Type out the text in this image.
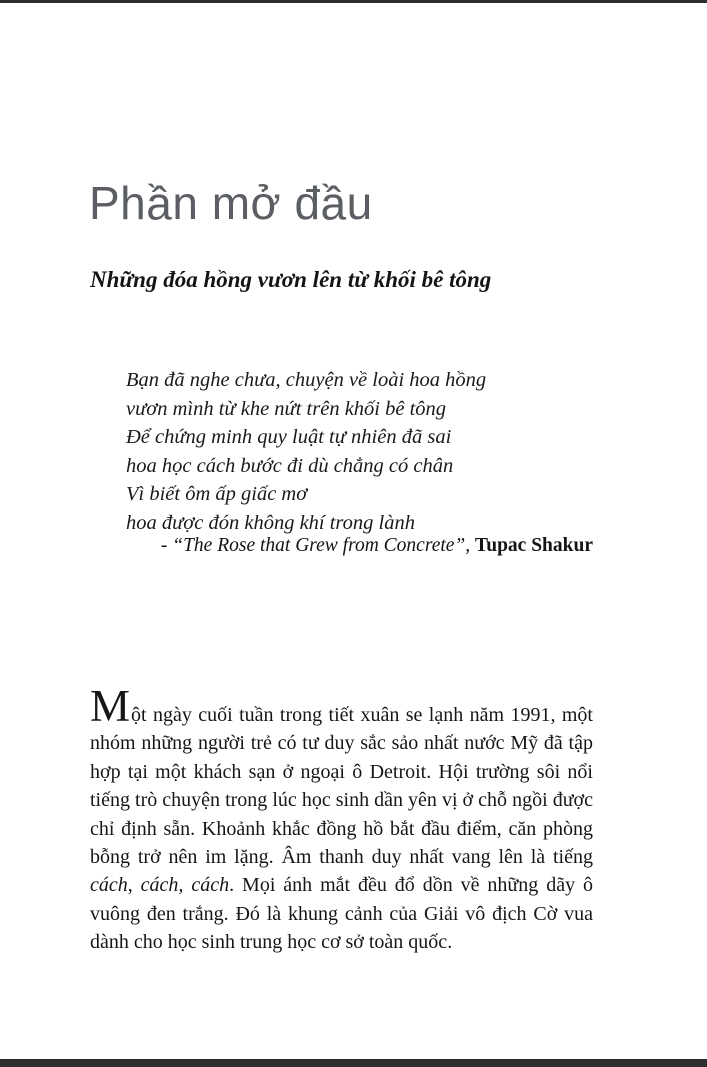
Phần mở đầu
Những đóa hồng vươn lên từ khối bê tông
Bạn đã nghe chưa, chuyện về loài hoa hồng
vươn mình từ khe nứt trên khối bê tông
Để chứng minh quy luật tự nhiên đã sai
hoa học cách bước đi dù chẳng có chân
Vì biết ôm ấp giấc mơ
hoa được đón không khí trong lành
- “The Rose that Grew from Concrete”, Tupac Shakur

Một ngày cuối tuần trong tiết xuân se lạnh năm 1991, một nhóm những người trẻ có tư duy sắc sảo nhất nước Mỹ đã tập hợp tại một khách sạn ở ngoại ô Detroit. Hội trường sôi nổi tiếng trò chuyện trong lúc học sinh dần yên vị ở chỗ ngồi được chỉ định sẵn. Khoảnh khắc đồng hồ bắt đầu điểm, căn phòng bỗng trở nên im lặng. Âm thanh duy nhất vang lên là tiếng cách, cách, cách. Mọi ánh mắt đều đổ dồn về những dãy ô vuông đen trắng. Đó là khung cảnh của Giải vô địch Cờ vua dành cho học sinh trung học cơ sở toàn quốc.
